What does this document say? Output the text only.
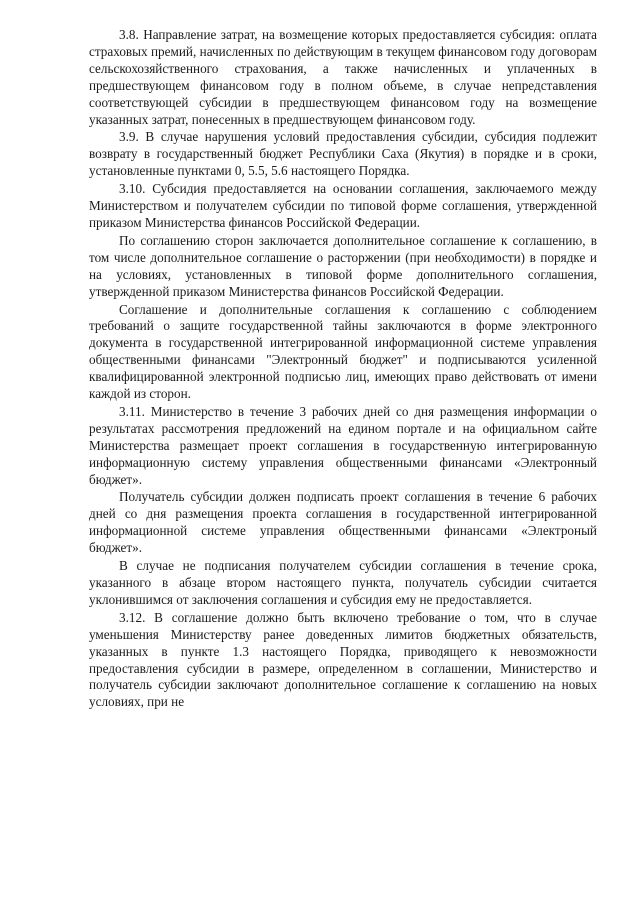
3.8. Направление затрат, на возмещение которых предоставляется субсидия: оплата страховых премий, начисленных по действующим в текущем финансовом году договорам сельскохозяйственного страхования, а также начисленных и уплаченных в предшествующем финансовом году в полном объеме, в случае непредставления соответствующей субсидии в предшествующем финансовом году на возмещение указанных затрат, понесенных в предшествующем финансовом году.

3.9. В случае нарушения условий предоставления субсидии, субсидия подлежит возврату в государственный бюджет Республики Саха (Якутия) в порядке и в сроки, установленные пунктами 0, 5.5, 5.6 настоящего Порядка.

3.10. Субсидия предоставляется на основании соглашения, заключаемого между Министерством и получателем субсидии по типовой форме соглашения, утвержденной приказом Министерства финансов Российской Федерации.

По соглашению сторон заключается дополнительное соглашение к соглашению, в том числе дополнительное соглашение о расторжении (при необходимости) в порядке и на условиях, установленных в типовой форме дополнительного соглашения, утвержденной приказом Министерства финансов Российской Федерации.

Соглашение и дополнительные соглашения к соглашению с соблюдением требований о защите государственной тайны заключаются в форме электронного документа в государственной интегрированной информационной системе управления общественными финансами "Электронный бюджет" и подписываются усиленной квалифицированной электронной подписью лиц, имеющих право действовать от имени каждой из сторон.

3.11. Министерство в течение 3 рабочих дней со дня размещения информации о результатах рассмотрения предложений на едином портале и на официальном сайте Министерства размещает проект соглашения в государственную интегрированную информационную систему управления общественными финансами «Электронный бюджет».

Получатель субсидии должен подписать проект соглашения в течение 6 рабочих дней со дня размещения проекта соглашения в государственной интегрированной информационной системе управления общественными финансами «Электроный бюджет».

В случае не подписания получателем субсидии соглашения в течение срока, указанного в абзаце втором настоящего пункта, получатель субсидии считается уклонившимся от заключения соглашения и субсидия ему не предоставляется.

3.12. В соглашение должно быть включено требование о том, что в случае уменьшения Министерству ранее доведенных лимитов бюджетных обязательств, указанных в пункте 1.3 настоящего Порядка, приводящего к невозможности предоставления субсидии в размере, определенном в соглашении, Министерство и получатель субсидии заключают дополнительное соглашение к соглашению на новых условиях, при не
